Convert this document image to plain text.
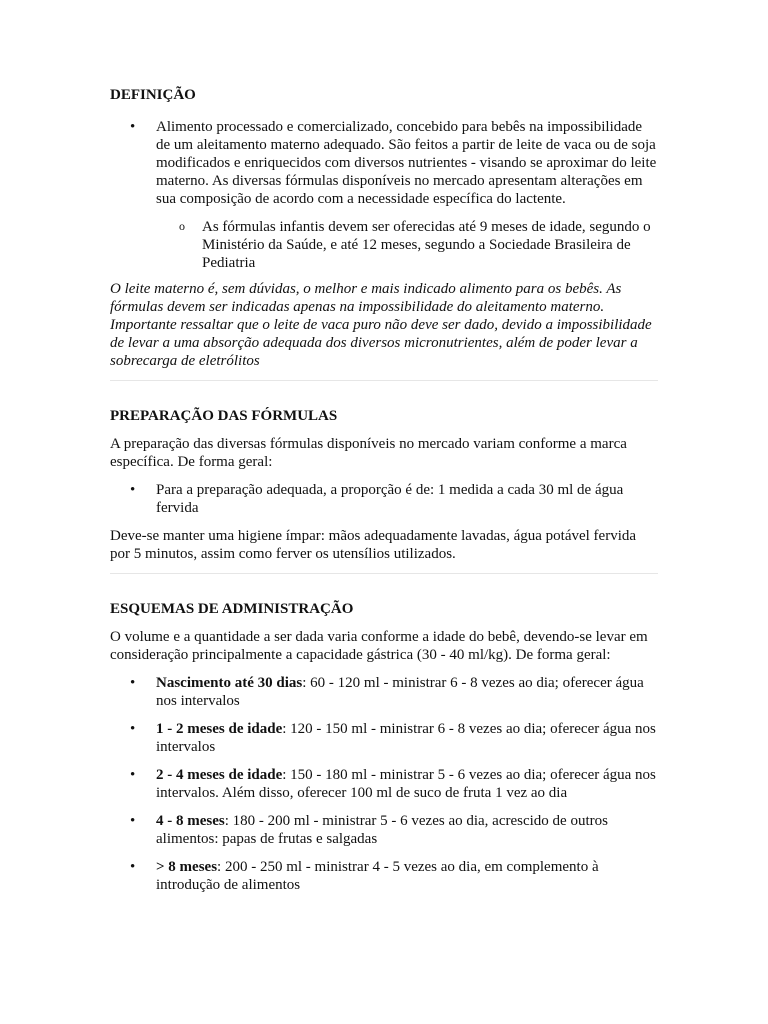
DEFINIÇÃO
• Alimento processado e comercializado, concebido para bebês na impossibilidade de um aleitamento materno adequado. São feitos a partir de leite de vaca ou de soja modificados e enriquecidos com diversos nutrientes - visando se aproximar do leite materno. As diversas fórmulas disponíveis no mercado apresentam alterações em sua composição de acordo com a necessidade específica do lactente.
o As fórmulas infantis devem ser oferecidas até 9 meses de idade, segundo o Ministério da Saúde, e até 12 meses, segundo a Sociedade Brasileira de Pediatria

O leite materno é, sem dúvidas, o melhor e mais indicado alimento para os bebês. As fórmulas devem ser indicadas apenas na impossibilidade do aleitamento materno. Importante ressaltar que o leite de vaca puro não deve ser dado, devido a impossibilidade de levar a uma absorção adequada dos diversos micronutrientes, além de poder levar a sobrecarga de eletrólitos

PREPARAÇÃO DAS FÓRMULAS

A preparação das diversas fórmulas disponíveis no mercado variam conforme a marca específica. De forma geral:

• Para a preparação adequada, a proporção é de: 1 medida a cada 30 ml de água fervida

Deve-se manter uma higiene ímpar: mãos adequadamente lavadas, água potável fervida por 5 minutos, assim como ferver os utensílios utilizados.

ESQUEMAS DE ADMINISTRAÇÃO

O volume e a quantidade a ser dada varia conforme a idade do bebê, devendo-se levar em consideração principalmente a capacidade gástrica (30 - 40 ml/kg). De forma geral:

• Nascimento até 30 dias: 60 - 120 ml - ministrar 6 - 8 vezes ao dia; oferecer água nos intervalos
• 1 - 2 meses de idade: 120 - 150 ml - ministrar 6 - 8 vezes ao dia; oferecer água nos intervalos
• 2 - 4 meses de idade: 150 - 180 ml - ministrar 5 - 6 vezes ao dia; oferecer água nos intervalos. Além disso, oferecer 100 ml de suco de fruta 1 vez ao dia
• 4 - 8 meses: 180 - 200 ml - ministrar 5 - 6 vezes ao dia, acrescido de outros alimentos: papas de frutas e salgadas
• > 8 meses: 200 - 250 ml - ministrar 4 - 5 vezes ao dia, em complemento à introdução de alimentos
